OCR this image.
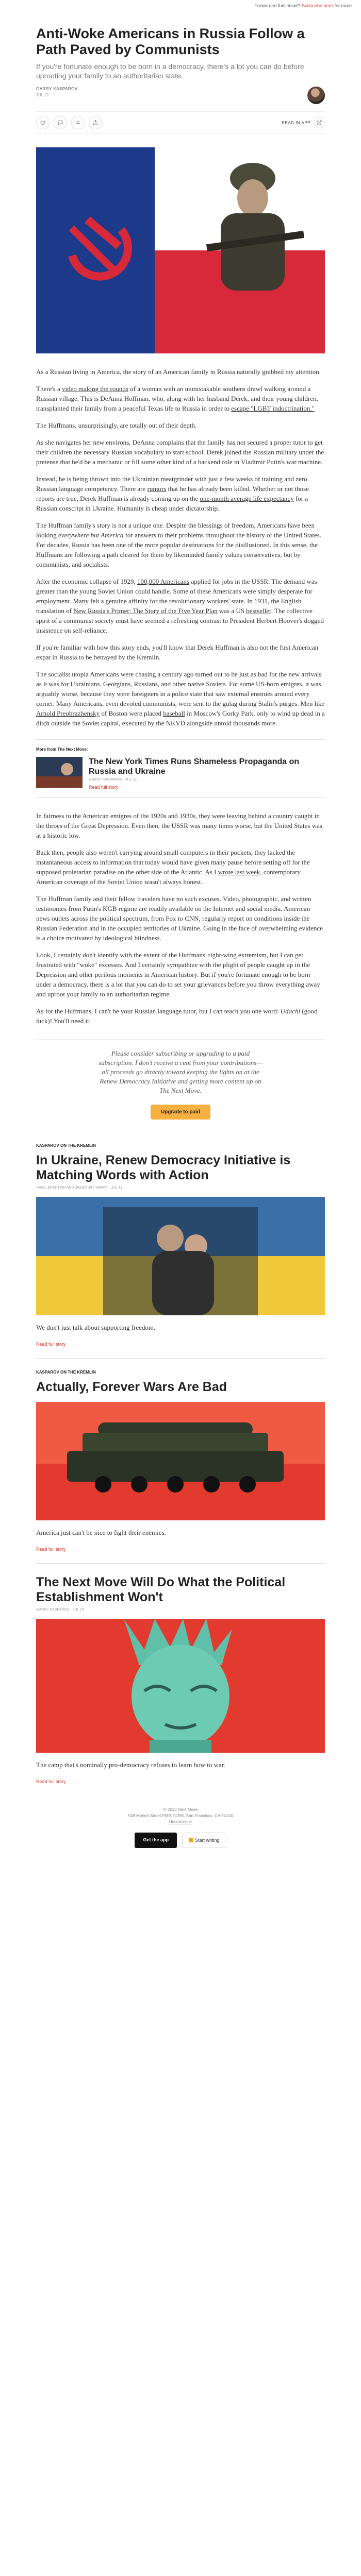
Forwarded this email? Subscribe here for more
Anti-Woke Americans in Russia Follow a Path Paved by Communists
If you're fortunate enough to be born in a democracy, there's a lot you can do before uprooting your family to an authoritarian state.
GARRY KASPAROV
JUL 21
READ IN APP

As a Russian living in America, the story of an American family in Russia naturally grabbed my attention.

There's a video making the rounds of a woman with an unmistakable southern drawl walking around a Russian village. This is DeAnna Hoffman, who, along with her husband Derek, and their young children, transplanted their family from a peaceful Texas life to Russia in order to escape "LGBT indoctrination."

The Huffmans, unsurprisingly, are totally out of their depth.

As she navigates her new environs, DeAnna complains that the family has not secured a proper tutor to get their children the necessary Russian vocabulary to start school. Derek joined the Russian military under the pretense that he'd be a mechanic or fill some other kind of a backend role in Vladimir Putin's war machine.

Instead, he is being thrown into the Ukrainian meatgrinder with just a few weeks of training and zero Russian language competency. There are rumors that he has already been killed. Whether or not those reports are true, Derek Huffman is already coming up on the one-month average life expectancy for a Russian conscript in Ukraine. Humanity is cheap under dictatorship.

The Huffman family's story is not a unique one. Despite the blessings of freedom, Americans have been looking everywhere but America for answers to their problems throughout the history of the United States. For decades, Russia has been one of the more popular destinations for the disillusioned. In this sense, the Huffmans are following a path cleared for them by likeminded family values conservatives, but by communists, and socialists.

After the economic collapse of 1929, 100,000 Americans applied for jobs in the USSR. The demand was greater than the young Soviet Union could handle. Some of these Americans were simply desperate for employment. Many felt a genuine affinity for the revolutionary workers' state. In 1931, the English translation of New Russia's Primer: The Story of the Five Year Plan was a US bestseller. The collective spirit of a communist society must have seemed a refreshing contrast to President Herbert Hoover's dogged insistence on self-reliance.

If you're familiar with how this story ends, you'll know that Derek Huffman is also not the first American expat in Russia to be betrayed by the Kremlin.

The socialist utopia Americans were chasing a century ago turned out to be just as bad for the new arrivals as it was for Ukrainians, Georgians, Russians, and other native Soviets. For some US-born emigres, it was arguably worse, because they were foreigners in a police state that saw external enemies around every corner. Many Americans, even devoted communists, were sent to the gulag during Stalin's purges. Men like Arnold Preobrazhensky of Boston were placed baseball in Moscow's Gorky Park, only to wind up dead in a ditch outside the Soviet capital, executed by the NKVD alongside untold thousands more.

More from The Next Move:
The New York Times Runs Shameless Propaganda on Russia and Ukraine
GARRY KASPAROV · JUL 13
Read full story

In fairness to the American emigres of the 1920s and 1930s, they were leaving behind a country caught in the throes of the Great Depression. Even then, the USSR was many times worse, but the United States was at a historic low.

Back then, people also weren't carrying around small computers in their pockets; they lacked the instantaneous access to information that today would have given many pause before setting off for the supposed proletarian paradise on the other side of the Atlantic. As I wrote last week, contemporary American coverage of the Soviet Union wasn't always honest.

The Huffman family and their fellow travelers have no such excuses. Video, photographic, and written testimonies from Putin's KGB regime are readily available on the Internet and social media. American news outlets across the political spectrum, from Fox to CNN, regularly report on conditions inside the Russian Federation and in the occupied territories of Ukraine. Going in the face of overwhelming evidence is a choice motivated by ideological blindness.

Look, I certainly don't identify with the extent of the Huffmans' right-wing extremism, but I can get frustrated with "woke" excesses. And I certainly sympathize with the plight of people caught up in the Depression and other perilous moments in American history. But if you're fortunate enough to be born under a democracy, there is a lot that you can do to set your grievances before you throw everything away and uproot your family to an authoritarian regime.

As for the Huffmans, I can't be your Russian language tutor, but I can teach you one word: Udachi (good luck)! You'll need it.

Please consider subscribing or upgrading to a paid subscription. I don't receive a cent from your contributions—all proceeds go directly toward keeping the lights on at the Renew Democracy Initiative and getting more content up on The Next Move.
Upgrade to paid
KASPAROV ON THE KREMLIN
In Ukraine, Renew Democracy Initiative is Matching Words with Action
URIEL EPSHTEIN AND JASON JAY SMART · JUL 11
We don't just talk about supporting freedom.
Read full story
KASPAROV ON THE KREMLIN
Actually, Forever Wars Are Bad
America just can't be nice to fight their enemies.
Read full story
The Next Move Will Do What the Political Establishment Won't
GARRY KASPAROV · JUL 24
The camp that's nominally pro-democracy refuses to learn how to war.
Read full story
© 2023 Next Move
548 Market Street PMB 72296, San Francisco, CA 94104
Unsubscribe
Get the app	Start writing
